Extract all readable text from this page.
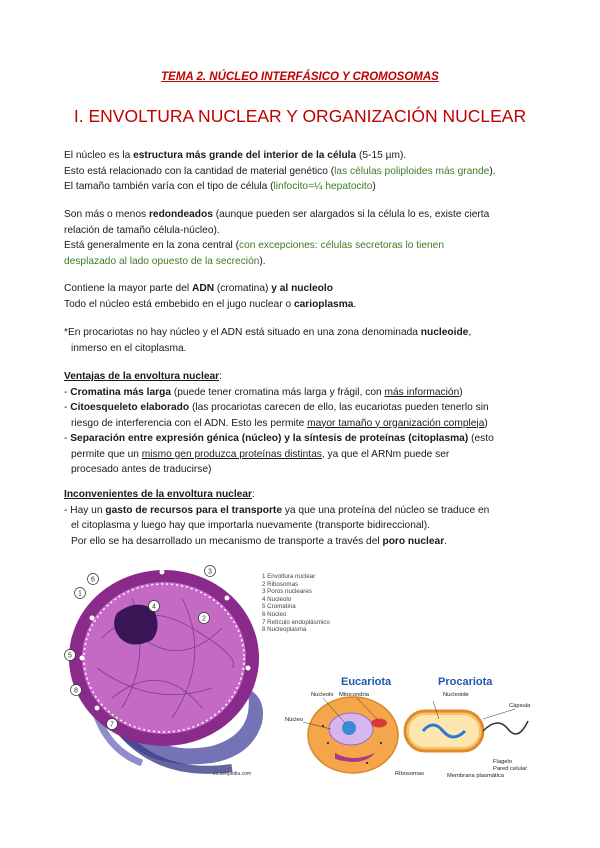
TEMA 2. NÚCLEO INTERFÁSICO Y CROMOSOMAS
I. ENVOLTURA NUCLEAR Y ORGANIZACIÓN NUCLEAR

El núcleo es la estructura más grande del interior de la célula (5-15 µm).

Esto está relacionado con la cantidad de material genético (las células poliploides más grande).

El tamaño también varía con el tipo de célula (linfocito=¼ hepatocito)

Son más o menos redondeados (aunque pueden ser alargados si la célula lo es, existe cierta

relación de tamaño célula-núcleo).

Está generalmente en la zona central (con excepciones: células secretoras lo tienen

desplazado al lado opuesto de la secreción).

Contiene la mayor parte del ADN (cromatina) y al nucleolo

Todo el núcleo está embebido en el jugo nuclear o carioplasma.

*En procariotas no hay núcleo y el ADN está situado en una zona denominada nucleoide,

inmerso en el citoplasma.

Ventajas de la envoltura nuclear:

- Cromatina más larga (puede tener cromatina más larga y frágil, con más información)

- Citoesqueleto elaborado (las procariotas carecen de ello, las eucariotas pueden tenerlo sin

riesgo de interferencia con el ADN. Esto les permite mayor tamaño y organización compleja)

- Separación entre expresión génica (núcleo) y la síntesis de proteínas (citoplasma) (esto

permite que un mismo gen produzca proteínas distintas, ya que el ARNm puede ser

procesado antes de traducirse)

Inconvenientes de la envoltura nuclear:

- Hay un gasto de recursos para el transporte ya que una proteína del núcleo se traduce en

el citoplasma y luego hay que importarla nuevamente (transporte bidireccional).

Por ello se ha desarrollado un mecanismo de transporte a través del poro nuclear.

6
3
1
4
2
5
7
8
es.wikipedia.com
1 Envoltura nuclear
2 Ribosomas
3 Poros nucleares
4 Nucleolo
5 Cromatina
6 Núcleo
7 Retículo endoplásmico
8 Nucleoplasma
Eucariota	Procariota
Nucleolo Mitocondria
Núcleo
Ribosomas
Nucleoide
Cápsula
Flagelo
Pared celular
Membrana plasmática
